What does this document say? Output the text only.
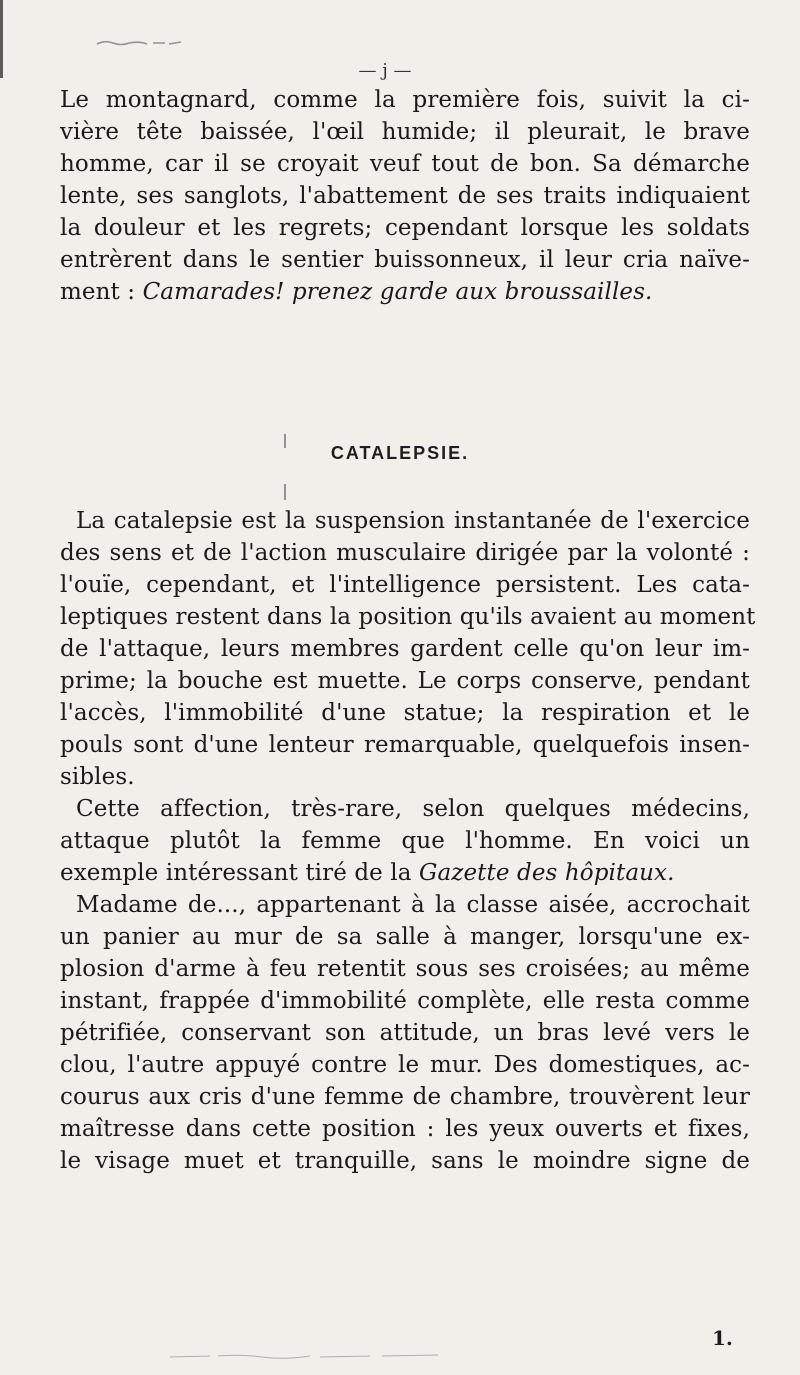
— j —
Le montagnard, comme la première fois, suivit la ci-
vière tête baissée, l'œil humide; il pleurait, le brave
homme, car il se croyait veuf tout de bon. Sa démarche
lente, ses sanglots, l'abattement de ses traits indiquaient
la douleur et les regrets; cependant lorsque les soldats
entrèrent dans le sentier buissonneux, il leur cria naïve-
ment : Camarades! prenez garde aux broussailles.
CATALEPSIE.
La catalepsie est la suspension instantanée de l'exercice
des sens et de l'action musculaire dirigée par la volonté :
l'ouïe, cependant, et l'intelligence persistent. Les cata-
leptiques restent dans la position qu'ils avaient au moment
de l'attaque, leurs membres gardent celle qu'on leur im-
prime; la bouche est muette. Le corps conserve, pendant
l'accès, l'immobilité d'une statue; la respiration et le
pouls sont d'une lenteur remarquable, quelquefois insen-
sibles.
Cette affection, très-rare, selon quelques médecins,
attaque plutôt la femme que l'homme. En voici un
exemple intéressant tiré de la Gazette des hôpitaux.
Madame de..., appartenant à la classe aisée, accrochait
un panier au mur de sa salle à manger, lorsqu'une ex-
plosion d'arme à feu retentit sous ses croisées; au même
instant, frappée d'immobilité complète, elle resta comme
pétrifiée, conservant son attitude, un bras levé vers le
clou, l'autre appuyé contre le mur. Des domestiques, ac-
courus aux cris d'une femme de chambre, trouvèrent leur
maîtresse dans cette position : les yeux ouverts et fixes,
le visage muet et tranquille, sans le moindre signe de
1.
